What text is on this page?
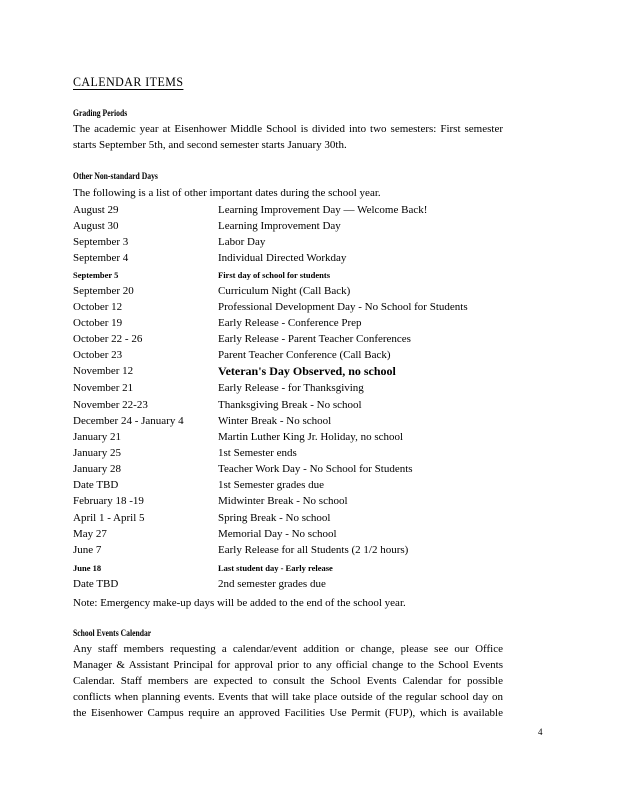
CALENDAR ITEMS
Grading Periods
The academic year at Eisenhower Middle School is divided into two semesters: First semester
starts September 5th, and second semester starts January 30th.
Other Non-standard Days
The following is a list of other important dates during the school year.
August 29	Learning Improvement Day — Welcome Back!
August 30	Learning Improvement Day
September 3	Labor Day
September 4	Individual Directed Workday
September 5	First day of school for students
September 20	Curriculum Night (Call Back)
October 12	Professional Development Day - No School for Students
October 19	Early Release - Conference Prep
October 22 - 26	Early Release - Parent Teacher Conferences
October 23	Parent Teacher Conference (Call Back)
November 12	Veteran's Day Observed, no school
November 21	Early Release - for Thanksgiving
November 22-23	Thanksgiving Break - No school
December 24 - January 4	Winter Break - No school
January 21	Martin Luther King Jr. Holiday, no school
January 25	1st Semester ends
January 28	Teacher Work Day - No School for Students
Date TBD	1st Semester grades due
February 18 -19	Midwinter Break - No school
April 1 - April 5	Spring Break - No school
May 27	Memorial Day - No school
June 7	Early Release for all Students (2 1/2 hours)
June 18	Last student day - Early release
Date TBD	2nd semester grades due
Note: Emergency make-up days will be added to the end of the school year.
School Events Calendar
Any staff members requesting a calendar/event addition or change, please see our Office
Manager & Assistant Principal for approval prior to any official change to the School Events
Calendar. Staff members are expected to consult the School Events Calendar for possible
conflicts when planning events. Events that will take place outside of the regular school day on
the Eisenhower Campus require an approved Facilities Use Permit (FUP), which is available
4
